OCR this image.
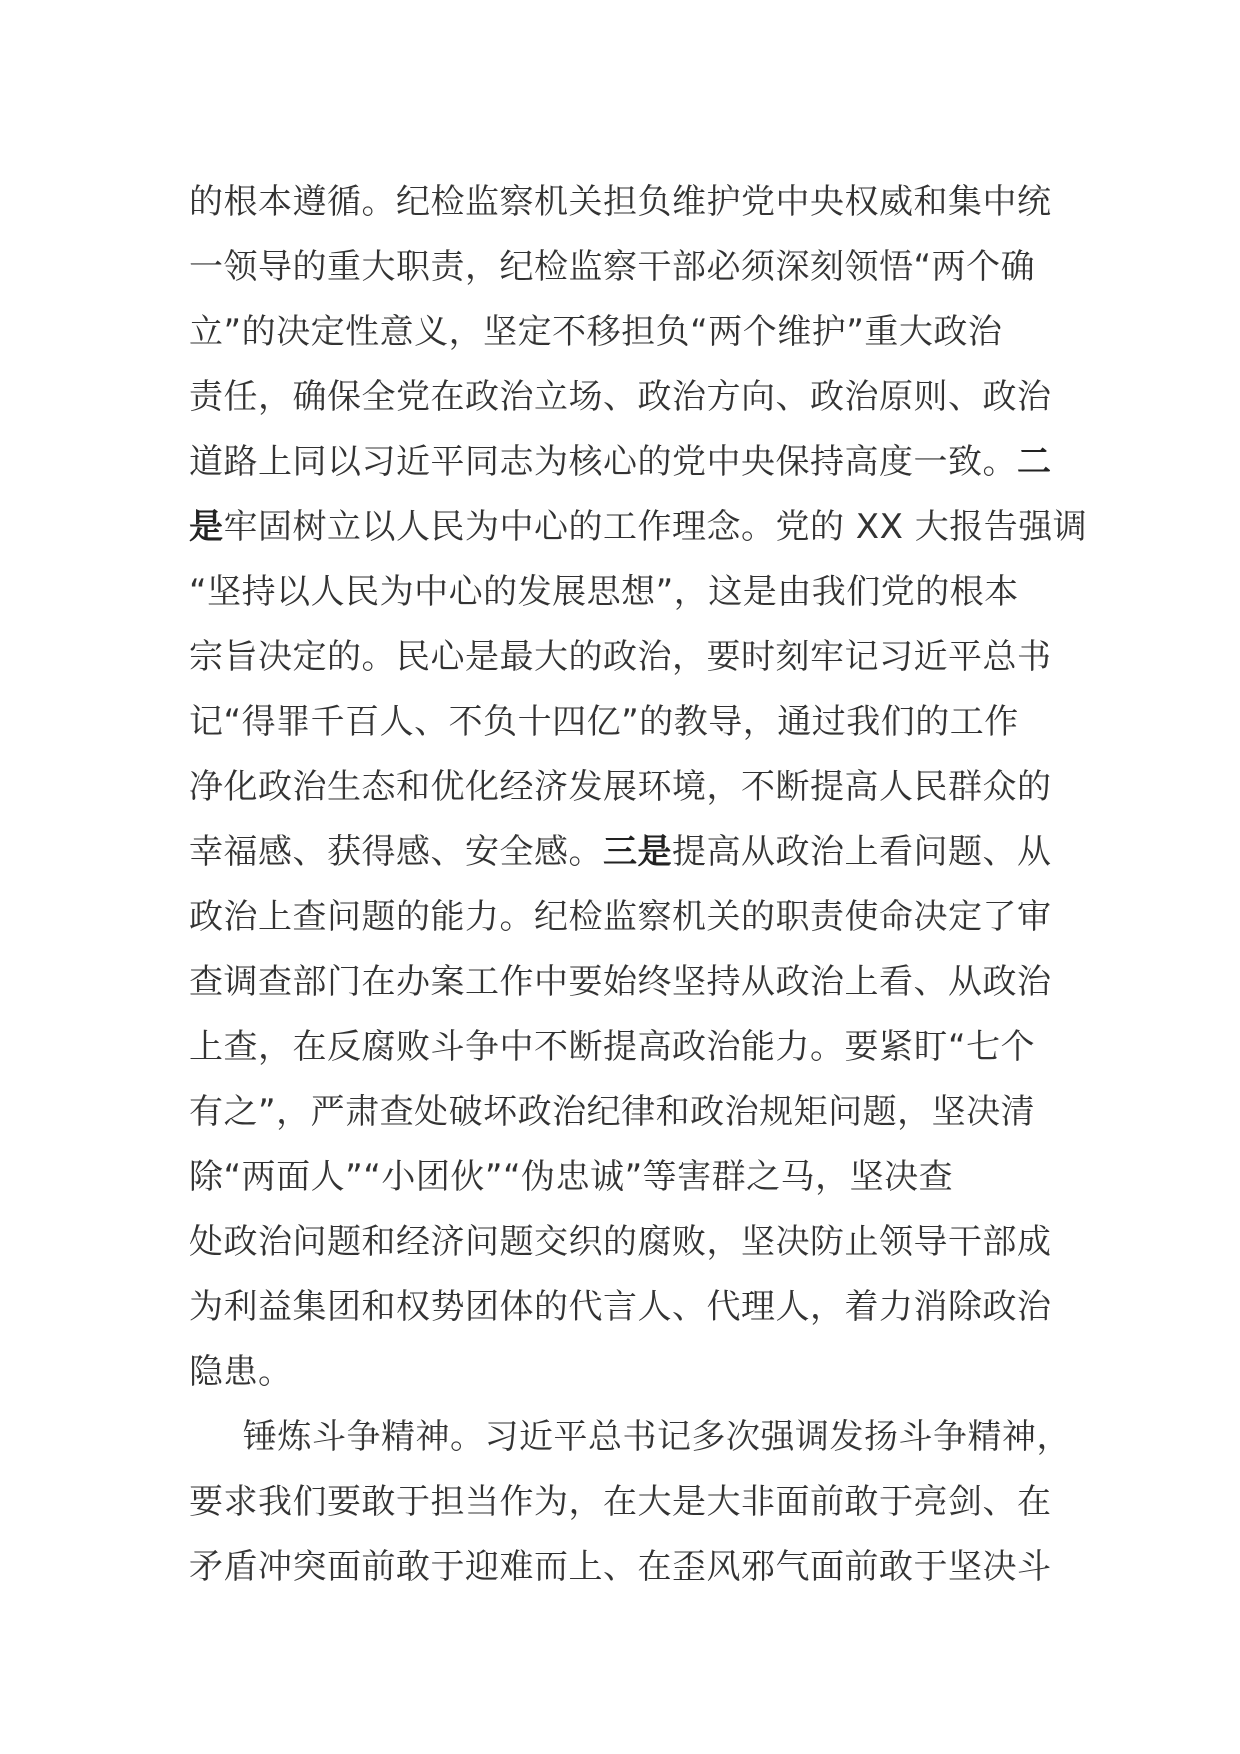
的根本遵循。纪检监察机关担负维护党中央权威和集中统
一领导的重大职责，纪检监察干部必须深刻领悟“两个确
立”的决定性意义，坚定不移担负“两个维护”重大政治
责任，确保全党在政治立场、政治方向、政治原则、政治
道路上同以习近平同志为核心的党中央保持高度一致。二
是牢固树立以人民为中心的工作理念。党的 XX 大报告强调
“坚持以人民为中心的发展思想”，这是由我们党的根本
宗旨决定的。民心是最大的政治，要时刻牢记习近平总书
记“得罪千百人、不负十四亿”的教导，通过我们的工作
净化政治生态和优化经济发展环境，不断提高人民群众的
幸福感、获得感、安全感。三是提高从政治上看问题、从
政治上查问题的能力。纪检监察机关的职责使命决定了审
查调查部门在办案工作中要始终坚持从政治上看、从政治
上查，在反腐败斗争中不断提高政治能力。要紧盯“七个
有之”，严肃查处破坏政治纪律和政治规矩问题，坚决清
除“两面人”“小团伙”“伪忠诚”等害群之马，坚决查
处政治问题和经济问题交织的腐败，坚决防止领导干部成
为利益集团和权势团体的代言人、代理人，着力消除政治
隐患。
锤炼斗争精神。习近平总书记多次强调发扬斗争精神，
要求我们要敢于担当作为，在大是大非面前敢于亮剑、在
矛盾冲突面前敢于迎难而上、在歪风邪气面前敢于坚决斗
